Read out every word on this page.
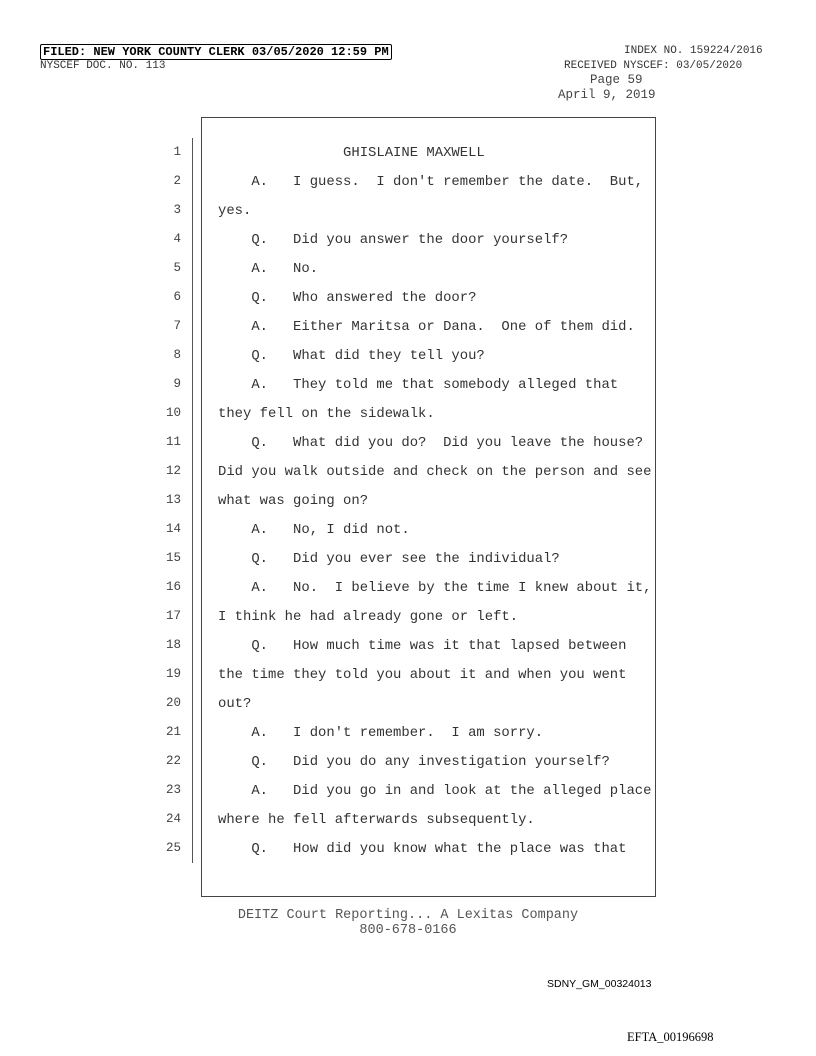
FILED: NEW YORK COUNTY CLERK 03/05/2020 12:59 PM	INDEX NO. 159224/2016
NYSCEF DOC. NO. 113	RECEIVED NYSCEF: 03/05/2020
Page 59
April 9, 2019
1	GHISLAINE MAXWELL
2	A.   I guess.  I don't remember the date.  But,
3	yes.
4	Q.   Did you answer the door yourself?
5	A.   No.
6	Q.   Who answered the door?
7	A.   Either Maritsa or Dana.  One of them did.
8	Q.   What did they tell you?
9	A.   They told me that somebody alleged that
10	they fell on the sidewalk.
11	Q.   What did you do?  Did you leave the house?
12	Did you walk outside and check on the person and see
13	what was going on?
14	A.   No, I did not.
15	Q.   Did you ever see the individual?
16	A.   No.  I believe by the time I knew about it,
17	I think he had already gone or left.
18	Q.   How much time was it that lapsed between
19	the time they told you about it and when you went
20	out?
21	A.   I don't remember.  I am sorry.
22	Q.   Did you do any investigation yourself?
23	A.   Did you go in and look at the alleged place
24	where he fell afterwards subsequently.
25	Q.   How did you know what the place was that
DEITZ Court Reporting... A Lexitas Company
800-678-0166
SDNY_GM_00324013
EFTA_00196698
